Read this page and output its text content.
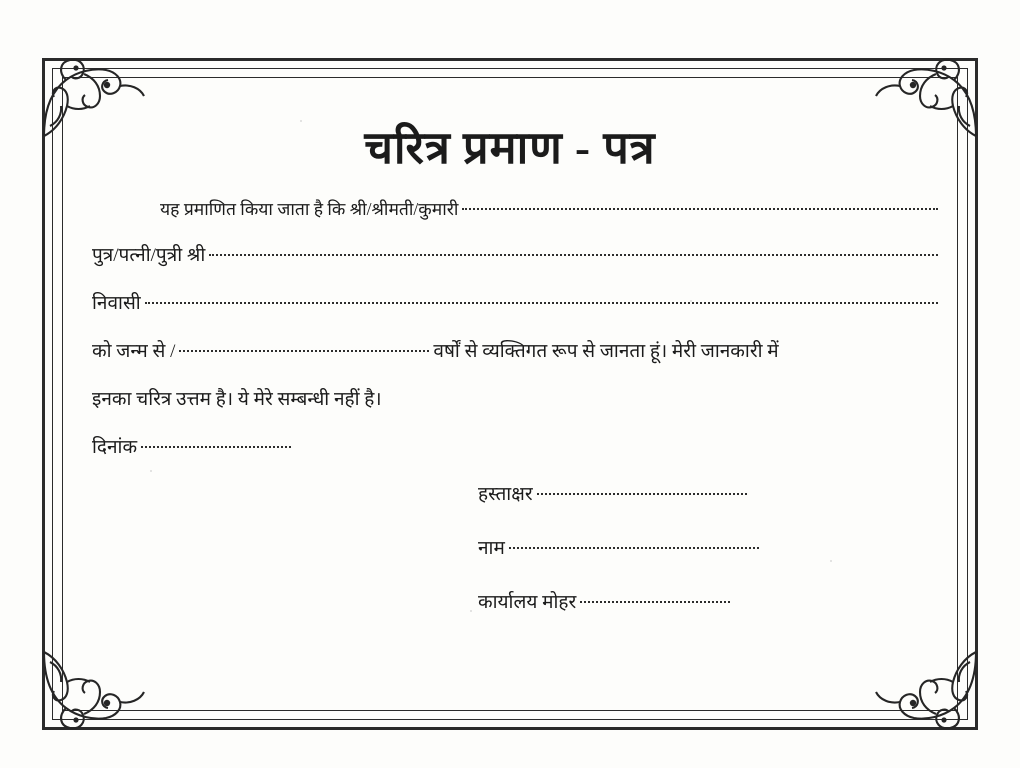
चरित्र प्रमाण - पत्र
यह प्रमाणित किया जाता है कि श्री/श्रीमती/कुमारी
पुत्र/पत्नी/पुत्री श्री
निवासी
को जन्म से /	वर्षों से व्यक्तिगत रूप से जानता हूं। मेरी जानकारी में
इनका चरित्र उत्तम है। ये मेरे सम्बन्धी नहीं है।
दिनांक
हस्ताक्षर
नाम
कार्यालय मोहर
